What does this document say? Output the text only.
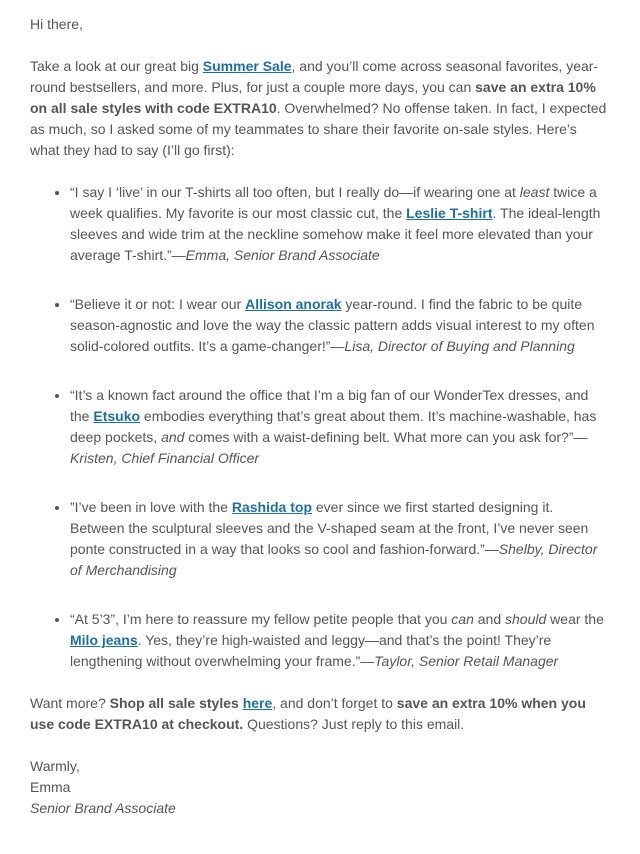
Hi there,

Take a look at our great big Summer Sale, and you’ll come across seasonal favorites, year-round bestsellers, and more. Plus, for just a couple more days, you can save an extra 10% on all sale styles with code EXTRA10. Overwhelmed? No offense taken. In fact, I expected as much, so I asked some of my teammates to share their favorite on-sale styles. Here’s what they had to say (I’ll go first):

• “I say I ‘live’ in our T-shirts all too often, but I really do—if wearing one at least twice a week qualifies. My favorite is our most classic cut, the Leslie T-shirt. The ideal-length sleeves and wide trim at the neckline somehow make it feel more elevated than your average T-shirt.”—Emma, Senior Brand Associate
• “Believe it or not: I wear our Allison anorak year-round. I find the fabric to be quite season-agnostic and love the way the classic pattern adds visual interest to my often solid-colored outfits. It’s a game-changer!”—Lisa, Director of Buying and Planning
• “It’s a known fact around the office that I’m a big fan of our WonderTex dresses, and the Etsuko embodies everything that’s great about them. It’s machine-washable, has deep pockets, and comes with a waist-defining belt. What more can you ask for?”—Kristen, Chief Financial Officer
• ”I’ve been in love with the Rashida top ever since we first started designing it. Between the sculptural sleeves and the V-shaped seam at the front, I’ve never seen ponte constructed in a way that looks so cool and fashion-forward.”—Shelby, Director of Merchandising
• “At 5’3”, I’m here to reassure my fellow petite people that you can and should wear the Milo jeans. Yes, they’re high-waisted and leggy—and that’s the point! They’re lengthening without overwhelming your frame.”—Taylor, Senior Retail Manager

Want more? Shop all sale styles here, and don’t forget to save an extra 10% when you use code EXTRA10 at checkout. Questions? Just reply to this email.

Warmly,

Emma

Senior Brand Associate
